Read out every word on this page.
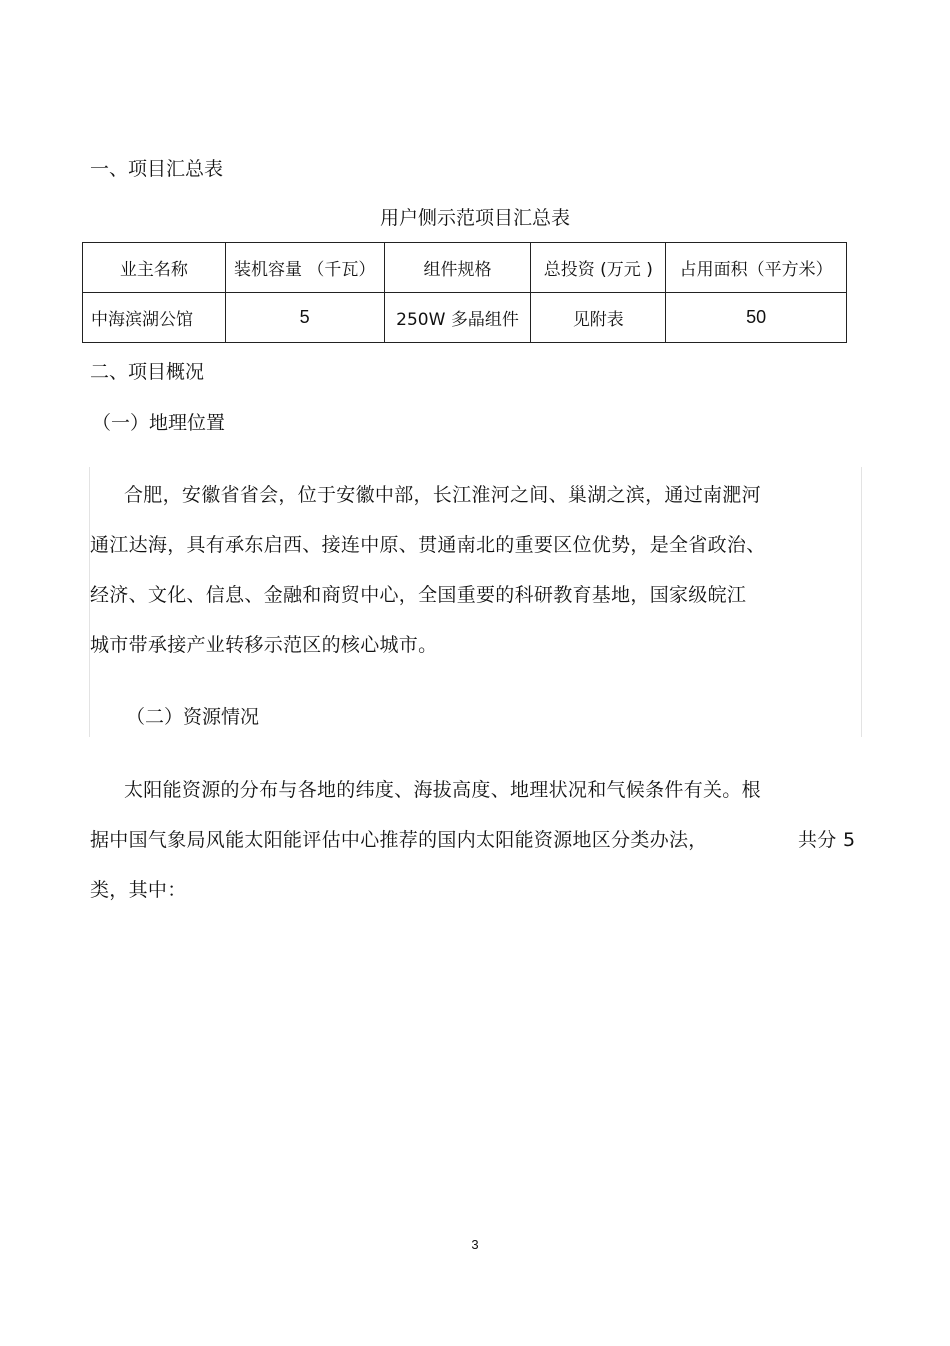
一、项目汇总表
用户侧示范项目汇总表
业主名称	装机容量 （千瓦）	组件规格	总投资 (万元 )	占用面积（平方米）
中海滨湖公馆	5	250W 多晶组件	见附表	50
二、项目概况
（一）地理位置
合肥，安徽省省会，位于安徽中部，长江淮河之间、巢湖之滨，通过南淝河
通江达海，具有承东启西、接连中原、贯通南北的重要区位优势，是全省政治、
经济、文化、信息、金融和商贸中心，全国重要的科研教育基地，国家级皖江
城市带承接产业转移示范区的核心城市。
（二）资源情况
太阳能资源的分布与各地的纬度、海拔高度、地理状况和气候条件有关。根
据中国气象局风能太阳能评估中心推荐的国内太阳能资源地区分类办法，	共分 5
类，其中：
3
